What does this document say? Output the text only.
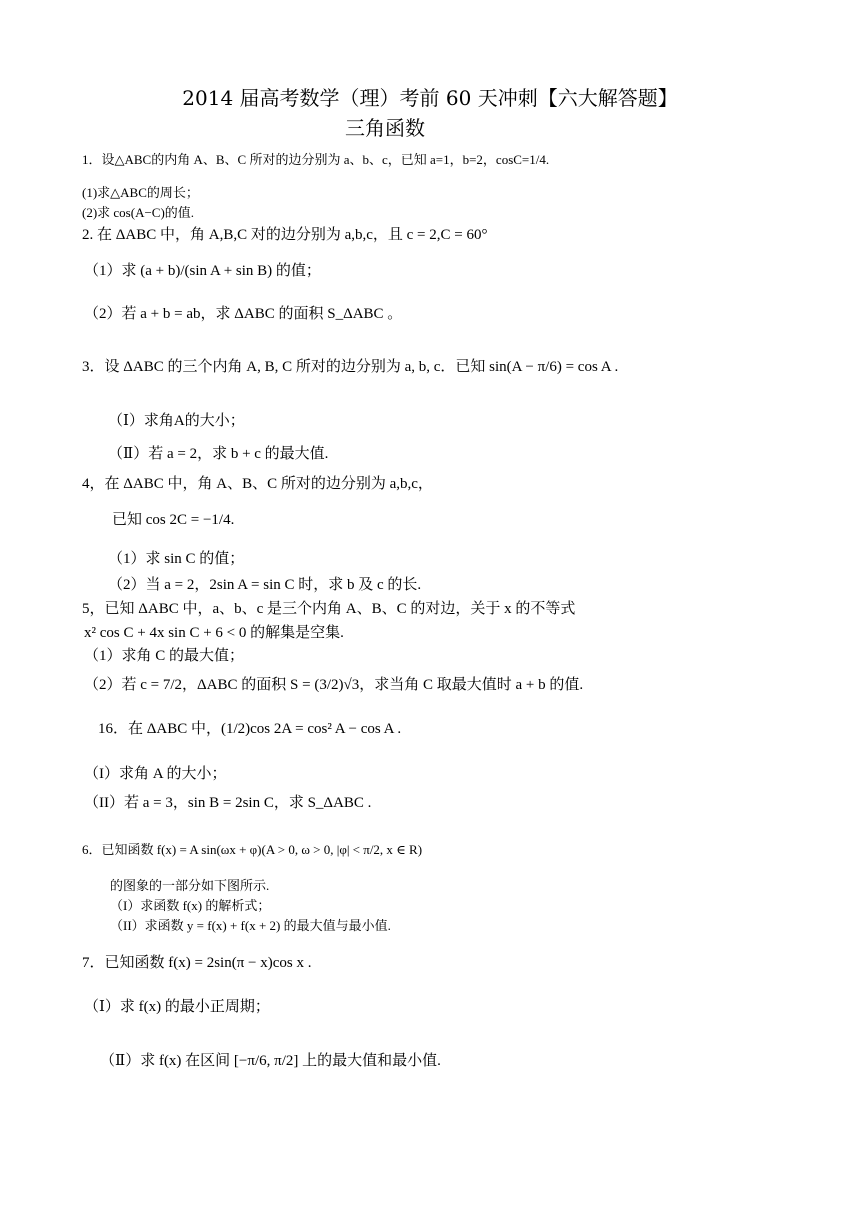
2014 届高考数学（理）考前 60 天冲刺【六大解答题】
三角函数
1．设△ABC的内角 A、B、C 所对的边分别为 a、b、c，已知 a=1，b=2，cosC=1/4.
(1)求△ABC的周长；
(2)求 cos(A−C)的值.
2. 在 ΔABC 中，角 A,B,C 对的边分别为 a,b,c，且 c = 2,C = 60°
（1）求 (a + b)/(sin A + sin B) 的值；
（2）若 a + b = ab，求 ΔABC 的面积 S_ΔABC 。
3．设 ΔABC 的三个内角 A, B, C 所对的边分别为 a, b, c．已知 sin(A − π/6) = cos A .
（Ⅰ）求角A的大小；
（Ⅱ）若 a = 2，求 b + c 的最大值.
4，在 ΔABC 中，角 A、B、C 所对的边分别为 a,b,c，
已知 cos 2C = −1/4.
（1）求 sin C 的值；
（2）当 a = 2，2sin A = sin C 时，求 b 及 c 的长.
5，已知 ΔABC 中，a、b、c 是三个内角 A、B、C 的对边，关于 x 的不等式
x² cos C + 4x sin C + 6 < 0 的解集是空集.
（1）求角 C 的最大值；
（2）若 c = 7/2，ΔABC 的面积 S = (3/2)√3，求当角 C 取最大值时 a + b 的值.
16．在 ΔABC 中，(1/2)cos 2A = cos² A − cos A .
（I）求角 A 的大小；
（II）若 a = 3，sin B = 2sin C，求 S_ΔABC .
6．已知函数 f(x) = A sin(ωx + φ)(A > 0, ω > 0, |φ| < π/2, x ∈ R)
的图象的一部分如下图所示.
（I）求函数 f(x) 的解析式；
（II）求函数 y = f(x) + f(x + 2) 的最大值与最小值.
7．已知函数 f(x) = 2sin(π − x)cos x .
（Ⅰ）求 f(x) 的最小正周期；
（Ⅱ）求 f(x) 在区间 [−π/6, π/2] 上的最大值和最小值.
